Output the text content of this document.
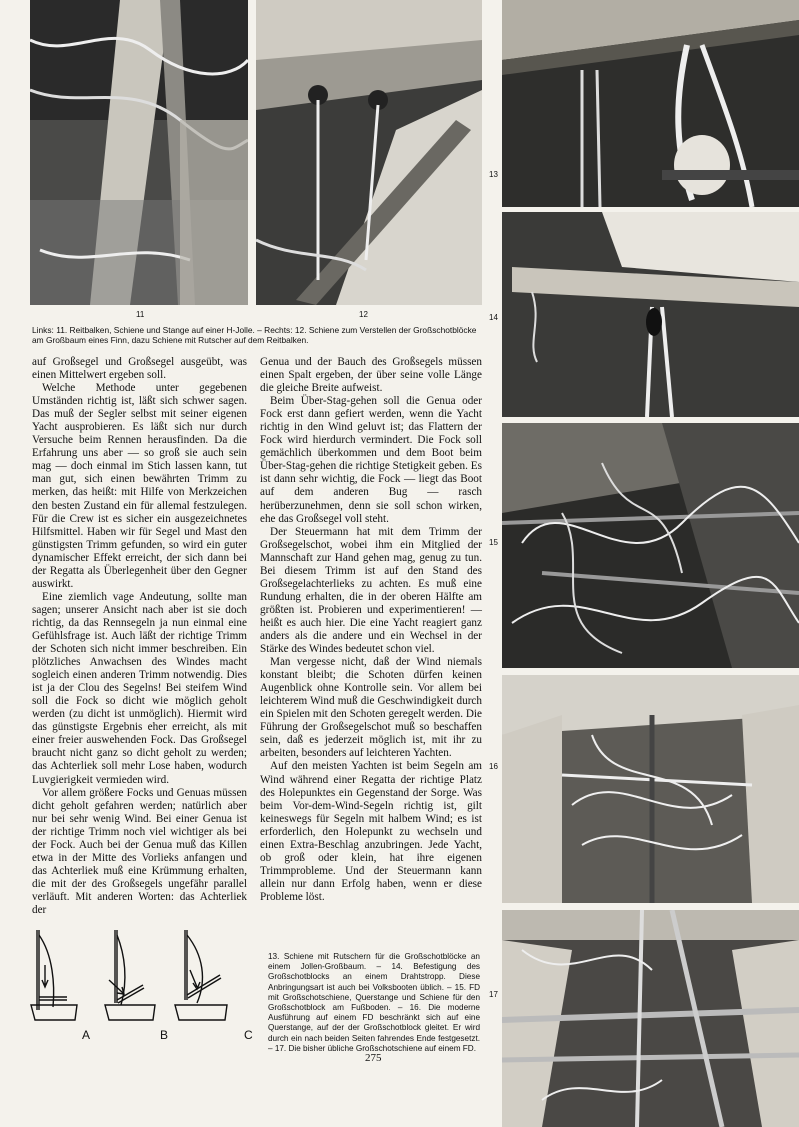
11	12
13
14
15
16
17
Links: 11. Reitbalken, Schiene und Stange auf einer H-Jolle. – Rechts: 12. Schiene zum Verstellen der Großschotblöcke am Großbaum eines Finn, dazu Schiene mit Rutscher auf dem Reitbalken.

auf Großsegel und Großsegel ausgeübt, was einen Mittelwert ergeben soll.

Welche Methode unter gegebenen Umständen richtig ist, läßt sich schwer sagen. Das muß der Segler selbst mit seiner eigenen Yacht ausprobieren. Es läßt sich nur durch Versuche beim Rennen herausfinden. Da die Erfahrung uns aber — so groß sie auch sein mag — doch einmal im Stich lassen kann, tut man gut, sich einen bewährten Trimm zu merken, das heißt: mit Hilfe von Merkzeichen den besten Zustand ein für allemal festzulegen. Für die Crew ist es sicher ein ausgezeichnetes Hilfsmittel. Haben wir für Segel und Mast den günstigsten Trimm gefunden, so wird ein guter dynamischer Effekt erreicht, der sich dann bei der Regatta als Überlegenheit über den Gegner auswirkt.

Eine ziemlich vage Andeutung, sollte man sagen; unserer Ansicht nach aber ist sie doch richtig, da das Rennsegeln ja nun einmal eine Gefühlsfrage ist. Auch läßt der richtige Trimm der Schoten sich nicht immer beschreiben. Ein plötzliches Anwachsen des Windes macht sogleich einen anderen Trimm notwendig. Dies ist ja der Clou des Segelns! Bei steifem Wind soll die Fock so dicht wie möglich geholt werden (zu dicht ist unmöglich). Hiermit wird das günstigste Ergebnis eher erreicht, als mit einer freier auswehenden Fock. Das Großsegel braucht nicht ganz so dicht geholt zu werden; das Achterliek soll mehr Lose haben, wodurch Luvgierigkeit vermieden wird.

Vor allem größere Focks und Genuas müssen dicht geholt gefahren werden; natürlich aber nur bei sehr wenig Wind. Bei einer Genua ist der richtige Trimm noch viel wichtiger als bei der Fock. Auch bei der Genua muß das Killen etwa in der Mitte des Vorlieks anfangen und das Achterliek muß eine Krümmung erhalten, die mit der des Großsegels ungefähr parallel verläuft. Mit anderen Worten: das Achterliek der

Genua und der Bauch des Großsegels müssen einen Spalt ergeben, der über seine volle Länge die gleiche Breite aufweist.

Beim Über-Stag-gehen soll die Genua oder Fock erst dann gefiert werden, wenn die Yacht richtig in den Wind geluvt ist; das Flattern der Fock wird hierdurch vermindert. Die Fock soll gemächlich überkommen und dem Boot beim Über-Stag-gehen die richtige Stetigkeit geben. Es ist dann sehr wichtig, die Fock — liegt das Boot auf dem anderen Bug — rasch herüberzunehmen, denn sie soll schon wirken, ehe das Großsegel voll steht.

Der Steuermann hat mit dem Trimm der Großsegelschot, wobei ihm ein Mitglied der Mannschaft zur Hand gehen mag, genug zu tun. Bei diesem Trimm ist auf den Stand des Großsegelachterlieks zu achten. Es muß eine Rundung erhalten, die in der oberen Hälfte am größten ist. Probieren und experimentieren! — heißt es auch hier. Die eine Yacht reagiert ganz anders als die andere und ein Wechsel in der Stärke des Windes bedeutet schon viel.

Man vergesse nicht, daß der Wind niemals konstant bleibt; die Schoten dürfen keinen Augenblick ohne Kontrolle sein. Vor allem bei leichterem Wind muß die Geschwindigkeit durch ein Spielen mit den Schoten geregelt werden. Die Führung der Großsegelschot muß so beschaffen sein, daß es jederzeit möglich ist, mit ihr zu arbeiten, besonders auf leichteren Yachten.

Auf den meisten Yachten ist beim Segeln am Wind während einer Regatta der richtige Platz des Holepunktes ein Gegenstand der Sorge. Was beim Vor-dem-Wind-Segeln richtig ist, gilt keineswegs für Segeln mit halbem Wind; es ist erforderlich, den Holepunkt zu wechseln und einen Extra-Beschlag anzubringen. Jede Yacht, ob groß oder klein, hat ihre eigenen Trimmprobleme. Und der Steuermann kann allein nur dann Erfolg haben, wenn er diese Probleme löst.

A	B	C
13. Schiene mit Rutschern für die Großschotblöcke an einem Jollen-Großbaum. – 14. Befestigung des Großschotblocks an einem Drahtstropp. Diese Anbringungsart ist auch bei Volksbooten üblich. – 15. FD mit Großschotschiene, Querstange und Schiene für den Großschotblock am Fußboden. – 16. Die moderne Ausführung auf einem FD beschränkt sich auf eine Querstange, auf der der Großschotblock gleitet. Er wird durch ein nach beiden Seiten fahrendes Ende festgesetzt. – 17. Die bisher übliche Großschotschiene auf einem FD.
275
